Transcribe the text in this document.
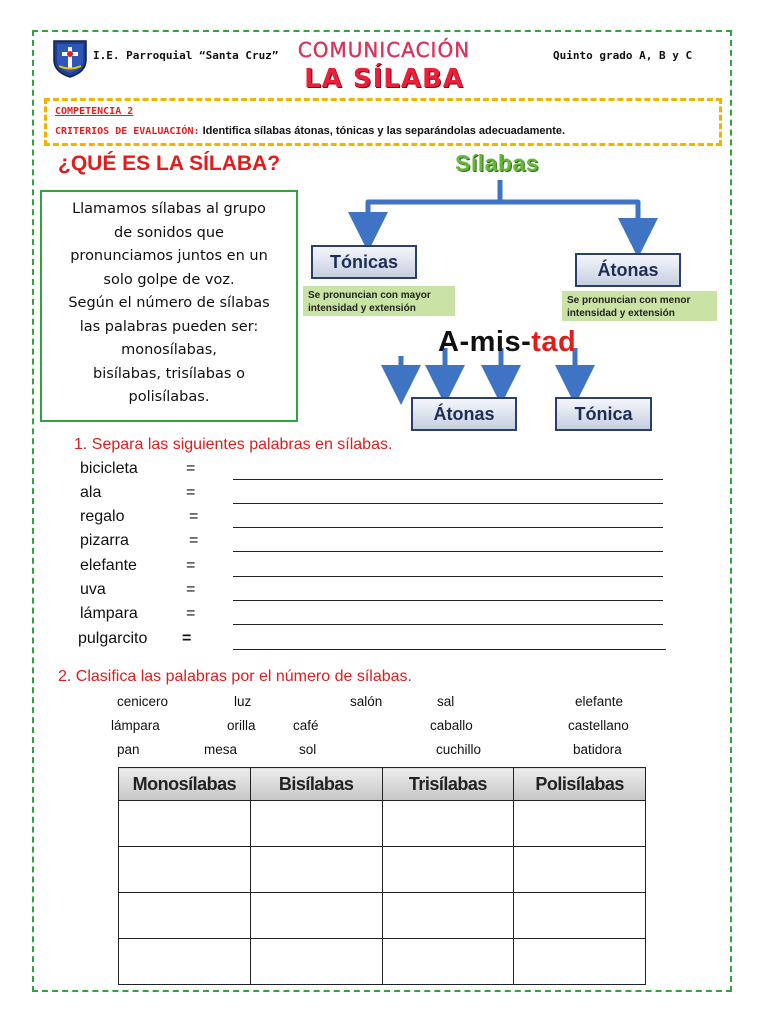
I.E. Parroquial “Santa Cruz” COMUNICACIÓN
LA SÍLABA
Quinto grado A, B y C
COMPETENCIA 2
CRITERIOS DE EVALUACIÓN: Identifica sílabas átonas, tónicas y las separándolas adecuadamente.
¿QUÉ ES LA SÍLABA?
Llamamos sílabas al grupo
de sonidos que
pronunciamos juntos en un
solo golpe de voz.
Según el número de sílabas
las palabras pueden ser:
monosílabas,
bisílabas, trisílabas o
polisílabas.
Sílabas
Tónicas	Átonas
Se pronuncian con mayor
intensidad y extensión
Se pronuncian con menor
intensidad y extensión
A-mis-tad
Átonas	Tónica
1. Separa las siguientes palabras en sílabas.
bicicleta	=
ala	=
regalo	=
pizarra	=
elefante	=
uva	=
lámpara	=
pulgarcito =
2. Clasifica las palabras por el número de sílabas.
cenicero	luz	salón	sal	elefante
lámpara	orilla	café	caballo	castellano
pan	mesa	sol	cuchillo	batidora
Monosílabas	Bisílabas	Trisílabas	Polisílabas
